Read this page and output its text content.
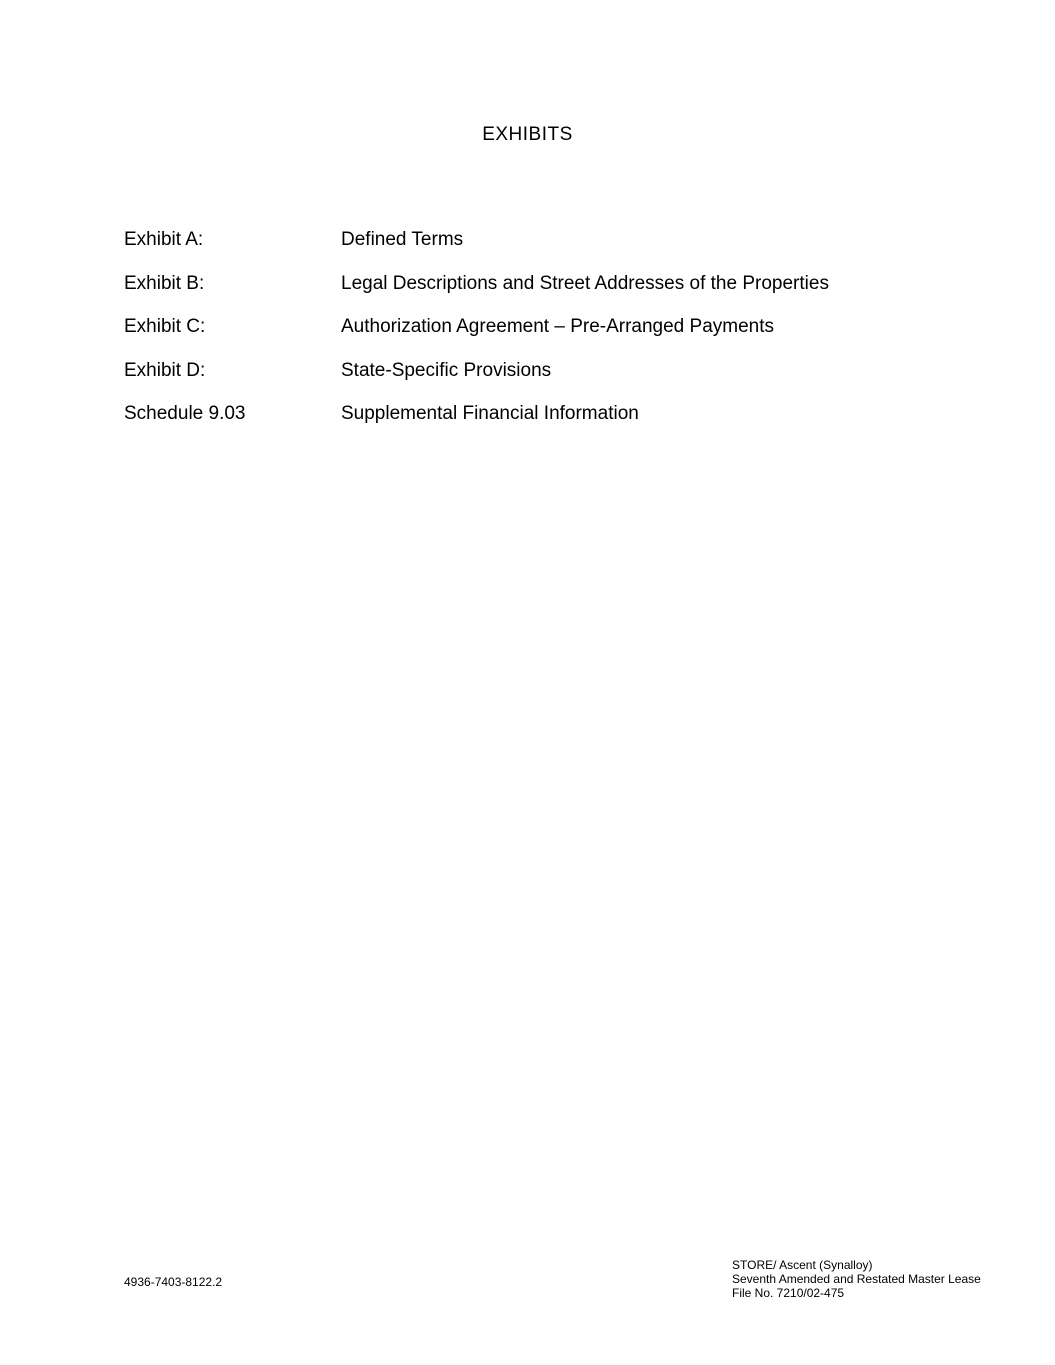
EXHIBITS
Exhibit A:	Defined Terms
Exhibit B:	Legal Descriptions and Street Addresses of the Properties
Exhibit C:	Authorization Agreement – Pre-Arranged Payments
Exhibit D:	State-Specific Provisions
Schedule 9.03	Supplemental Financial Information
4936-7403-8122.2
STORE/ Ascent (Synalloy)
Seventh Amended and Restated Master Lease
File No. 7210/02-475
